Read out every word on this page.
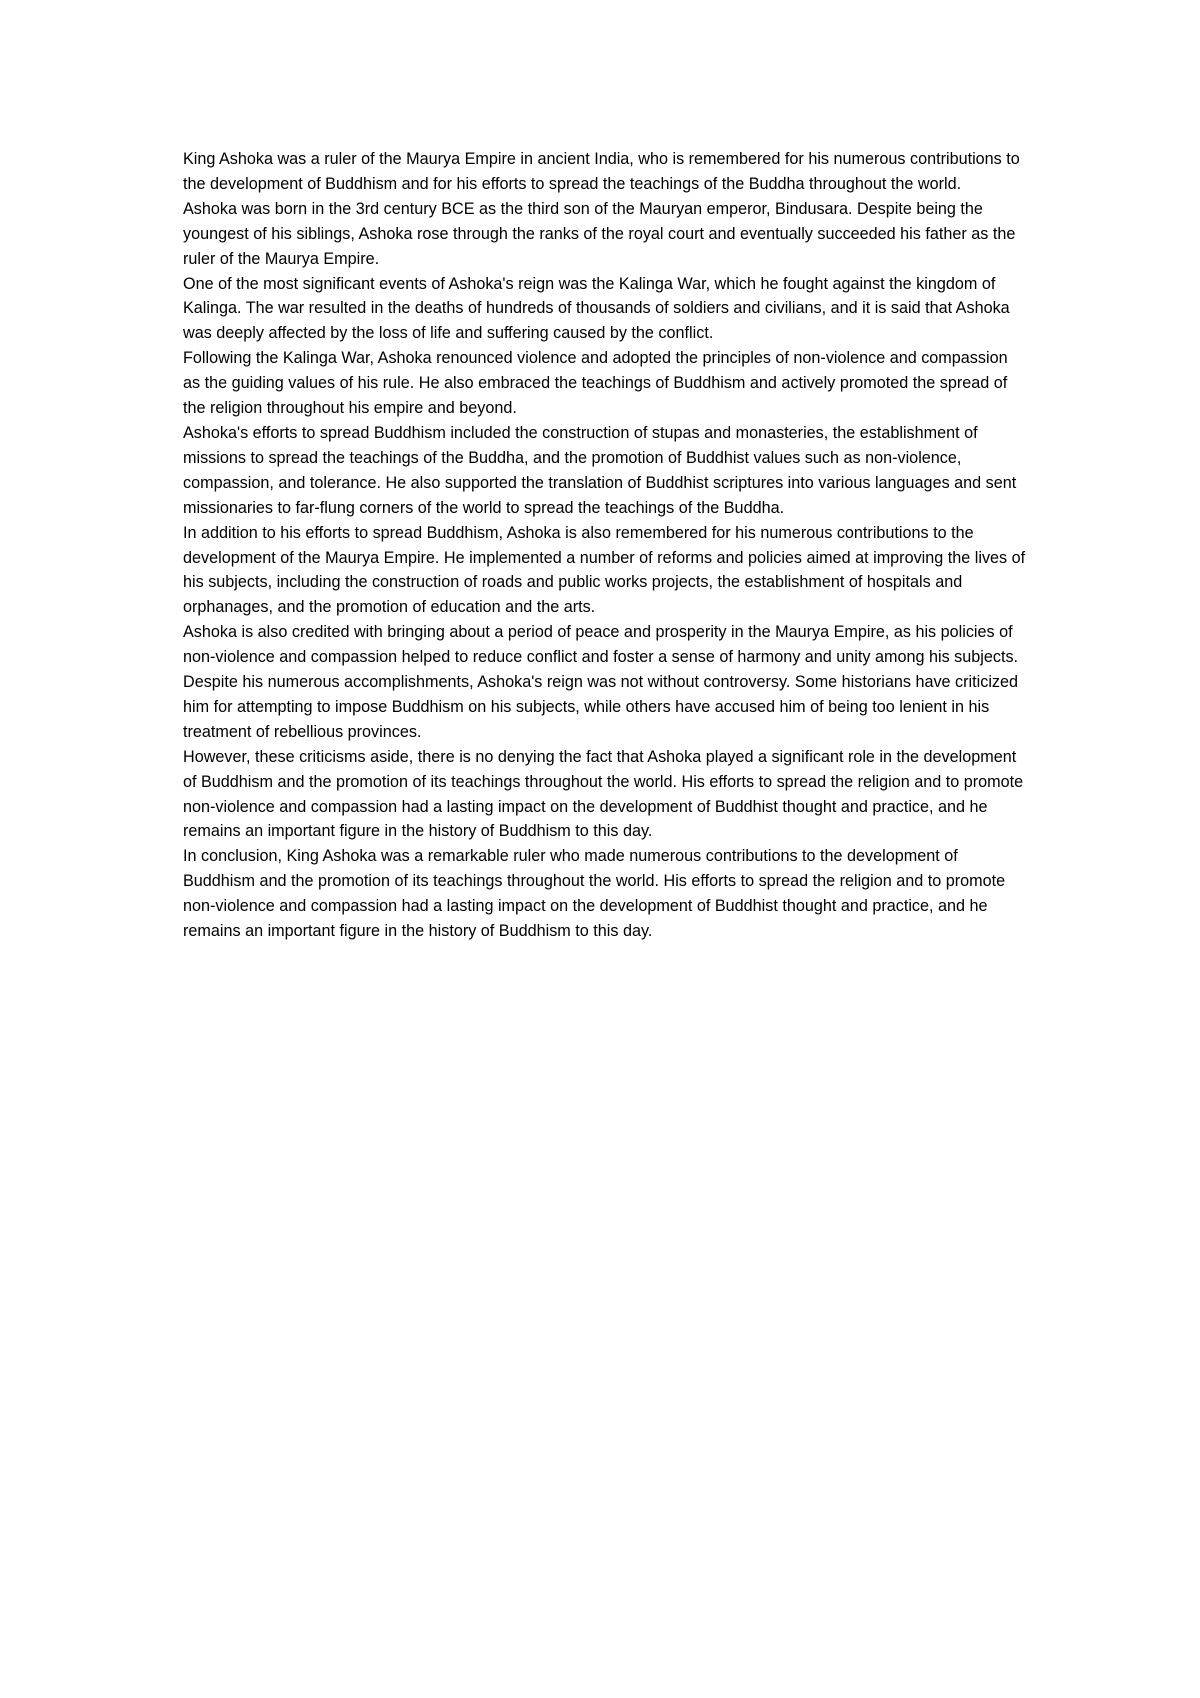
King Ashoka was a ruler of the Maurya Empire in ancient India, who is remembered for his numerous contributions to the development of Buddhism and for his efforts to spread the teachings of the Buddha throughout the world.

Ashoka was born in the 3rd century BCE as the third son of the Mauryan emperor, Bindusara. Despite being the youngest of his siblings, Ashoka rose through the ranks of the royal court and eventually succeeded his father as the ruler of the Maurya Empire.

One of the most significant events of Ashoka's reign was the Kalinga War, which he fought against the kingdom of Kalinga. The war resulted in the deaths of hundreds of thousands of soldiers and civilians, and it is said that Ashoka was deeply affected by the loss of life and suffering caused by the conflict.

Following the Kalinga War, Ashoka renounced violence and adopted the principles of non-violence and compassion as the guiding values of his rule. He also embraced the teachings of Buddhism and actively promoted the spread of the religion throughout his empire and beyond.

Ashoka's efforts to spread Buddhism included the construction of stupas and monasteries, the establishment of missions to spread the teachings of the Buddha, and the promotion of Buddhist values such as non-violence, compassion, and tolerance. He also supported the translation of Buddhist scriptures into various languages and sent missionaries to far-flung corners of the world to spread the teachings of the Buddha.

In addition to his efforts to spread Buddhism, Ashoka is also remembered for his numerous contributions to the development of the Maurya Empire. He implemented a number of reforms and policies aimed at improving the lives of his subjects, including the construction of roads and public works projects, the establishment of hospitals and orphanages, and the promotion of education and the arts.

Ashoka is also credited with bringing about a period of peace and prosperity in the Maurya Empire, as his policies of non-violence and compassion helped to reduce conflict and foster a sense of harmony and unity among his subjects.

Despite his numerous accomplishments, Ashoka's reign was not without controversy. Some historians have criticized him for attempting to impose Buddhism on his subjects, while others have accused him of being too lenient in his treatment of rebellious provinces.

However, these criticisms aside, there is no denying the fact that Ashoka played a significant role in the development of Buddhism and the promotion of its teachings throughout the world. His efforts to spread the religion and to promote non-violence and compassion had a lasting impact on the development of Buddhist thought and practice, and he remains an important figure in the history of Buddhism to this day.

In conclusion, King Ashoka was a remarkable ruler who made numerous contributions to the development of Buddhism and the promotion of its teachings throughout the world. His efforts to spread the religion and to promote non-violence and compassion had a lasting impact on the development of Buddhist thought and practice, and he remains an important figure in the history of Buddhism to this day.
